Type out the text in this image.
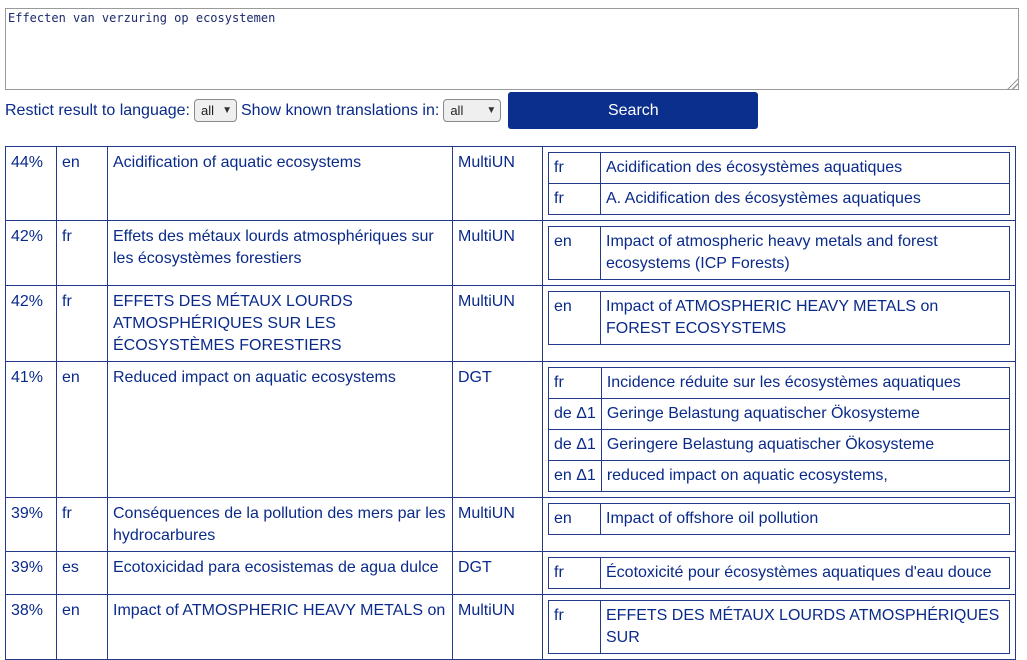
Effecten van verzuring op ecosystemen
Restict result to language: all ▼ Show known translations in: all ▼	Search
44%	en	Acidification of aquatic ecosystems	MultiUN	fr	Acidification des écosystèmes aquatiques
fr	A. Acidification des écosystèmes aquatiques

42%	fr	Effets des métaux lourds atmosphériques sur les écosystèmes forestiers	MultiUN	en	Impact of atmospheric heavy metals and forest ecosystems (ICP Forests)

42%	fr	EFFETS DES MÉTAUX LOURDS ATMOSPHÉRIQUES SUR LES ÉCOSYSTÈMES FORESTIERS	MultiUN	en	Impact of ATMOSPHERIC HEAVY METALS on FOREST ECOSYSTEMS

41%	en	Reduced impact on aquatic ecosystems	DGT		fr	Incidence réduite sur les écosystèmes aquatiques
de Δ1	Geringe Belastung aquatischer Ökosysteme
de Δ1	Geringere Belastung aquatischer Ökosysteme
en Δ1	reduced impact on aquatic ecosystems,

39%	fr	Conséquences de la pollution des mers par les hydrocarbures	MultiUN	en	Impact of offshore oil pollution

39%	es	Ecotoxicidad para ecosistemas de agua dulce	DGT		fr	Écotoxicité pour écosystèmes aquatiques d'eau douce

38%	en	Impact of ATMOSPHERIC HEAVY METALS on	MultiUN	fr	EFFETS DES MÉTAUX LOURDS ATMOSPHÉRIQUES SUR
